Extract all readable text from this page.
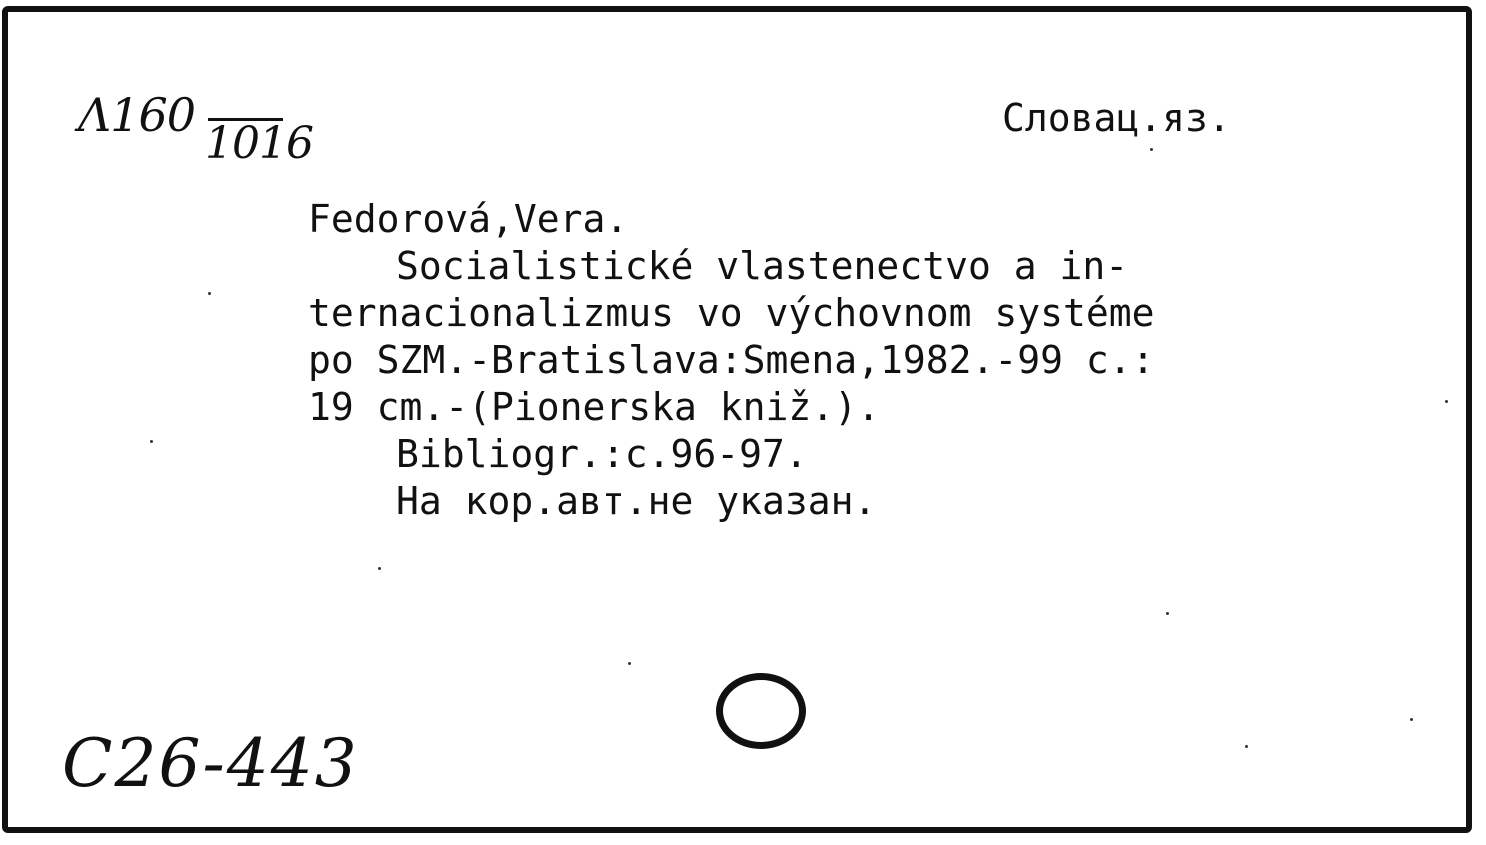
Λ160
1016	Словац.яз.
Fedorová,Vera.
Socialistické vlastenectvo a in-
ternacionalizmus vo výchovnom systéme
po SZM.-Bratislava:Smena,1982.-99 c.:
19 cm.-(Pionerska kniž.).
Bibliogr.:c.96-97.
На кор.авт.не указан.
С26-443
